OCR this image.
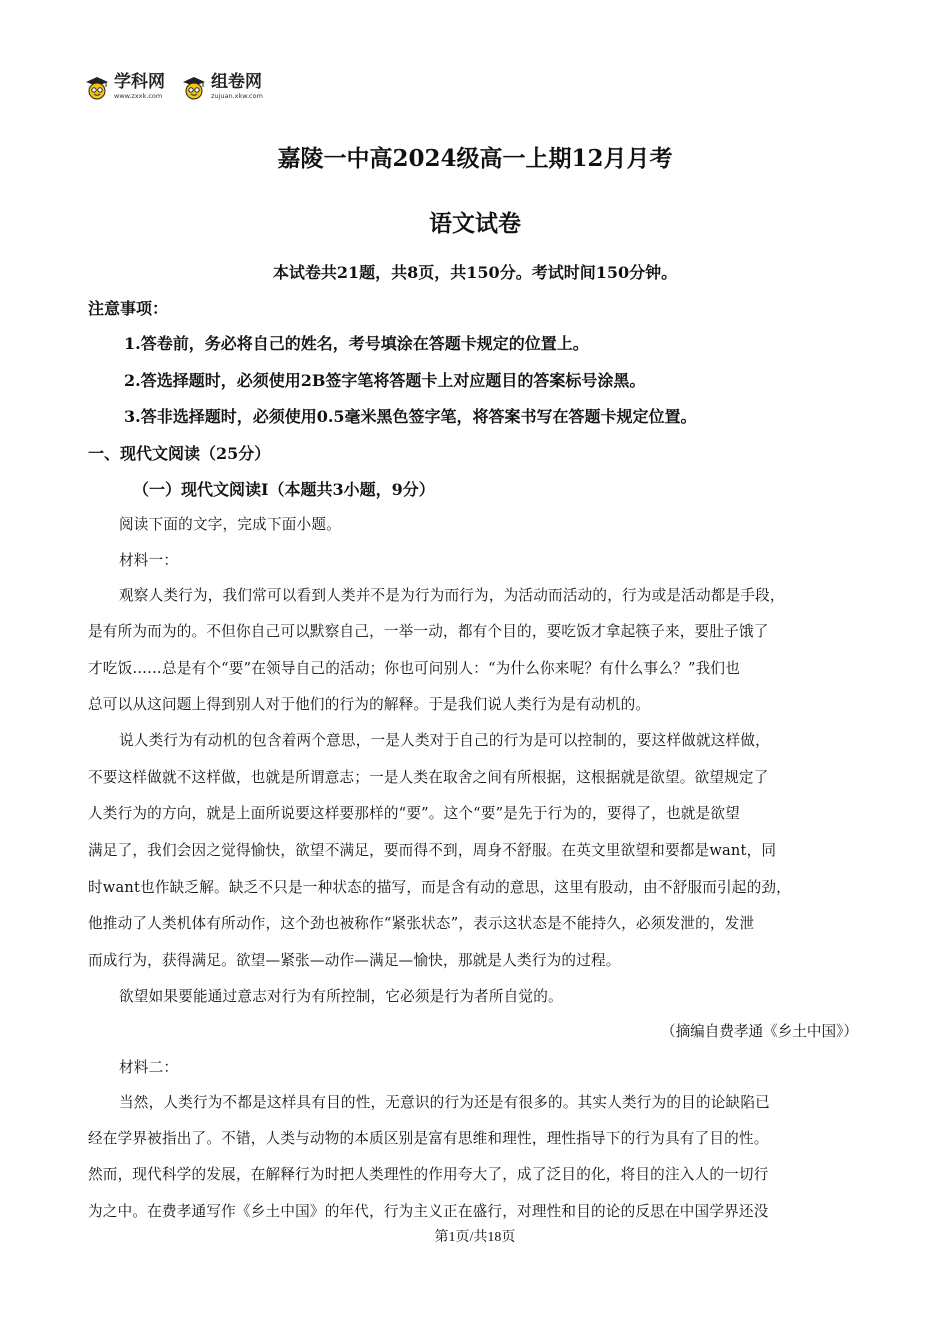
学科网
www.zxxk.com
组卷网
zujuan.xkw.com
嘉陵一中高2024级高一上期12月月考
语文试卷
本试卷共21题，共8页，共150分。考试时间150分钟。
注意事项：
1.答卷前，务必将自己的姓名，考号填涂在答题卡规定的位置上。
2.答选择题时，必须使用2B签字笔将答题卡上对应题目的答案标号涂黑。
3.答非选择题时，必须使用0.5毫米黑色签字笔，将答案书写在答题卡规定位置。
一、现代文阅读（25分）
（一）现代文阅读Ⅰ（本题共3小题，9分）
阅读下面的文字，完成下面小题。
材料一：
观察人类行为，我们常可以看到人类并不是为行为而行为，为活动而活动的，行为或是活动都是手段，
是有所为而为的。不但你自己可以默察自己，一举一动，都有个目的，要吃饭才拿起筷子来，要肚子饿了
才吃饭……总是有个“要”在领导自己的活动；你也可问别人：“为什么你来呢？有什么事么？”我们也
总可以从这问题上得到别人对于他们的行为的解释。于是我们说人类行为是有动机的。
说人类行为有动机的包含着两个意思，一是人类对于自己的行为是可以控制的，要这样做就这样做，
不要这样做就不这样做，也就是所谓意志；一是人类在取舍之间有所根据，这根据就是欲望。欲望规定了
人类行为的方向，就是上面所说要这样要那样的“要”。这个“要”是先于行为的，要得了，也就是欲望
满足了，我们会因之觉得愉快，欲望不满足，要而得不到，周身不舒服。在英文里欲望和要都是want，同
时want也作缺乏解。缺乏不只是一种状态的描写，而是含有动的意思，这里有股动，由不舒服而引起的劲，
他推动了人类机体有所动作，这个劲也被称作“紧张状态”，表示这状态是不能持久，必须发泄的，发泄
而成行为，获得满足。欲望—紧张—动作—满足—愉快，那就是人类行为的过程。
欲望如果要能通过意志对行为有所控制，它必须是行为者所自觉的。
（摘编自费孝通《乡土中国》）
材料二：
当然，人类行为不都是这样具有目的性，无意识的行为还是有很多的。其实人类行为的目的论缺陷已
经在学界被指出了。不错，人类与动物的本质区别是富有思维和理性，理性指导下的行为具有了目的性。
然而，现代科学的发展，在解释行为时把人类理性的作用夸大了，成了泛目的化，将目的注入人的一切行
为之中。在费孝通写作《乡土中国》的年代，行为主义正在盛行，对理性和目的论的反思在中国学界还没
第1页/共18页
